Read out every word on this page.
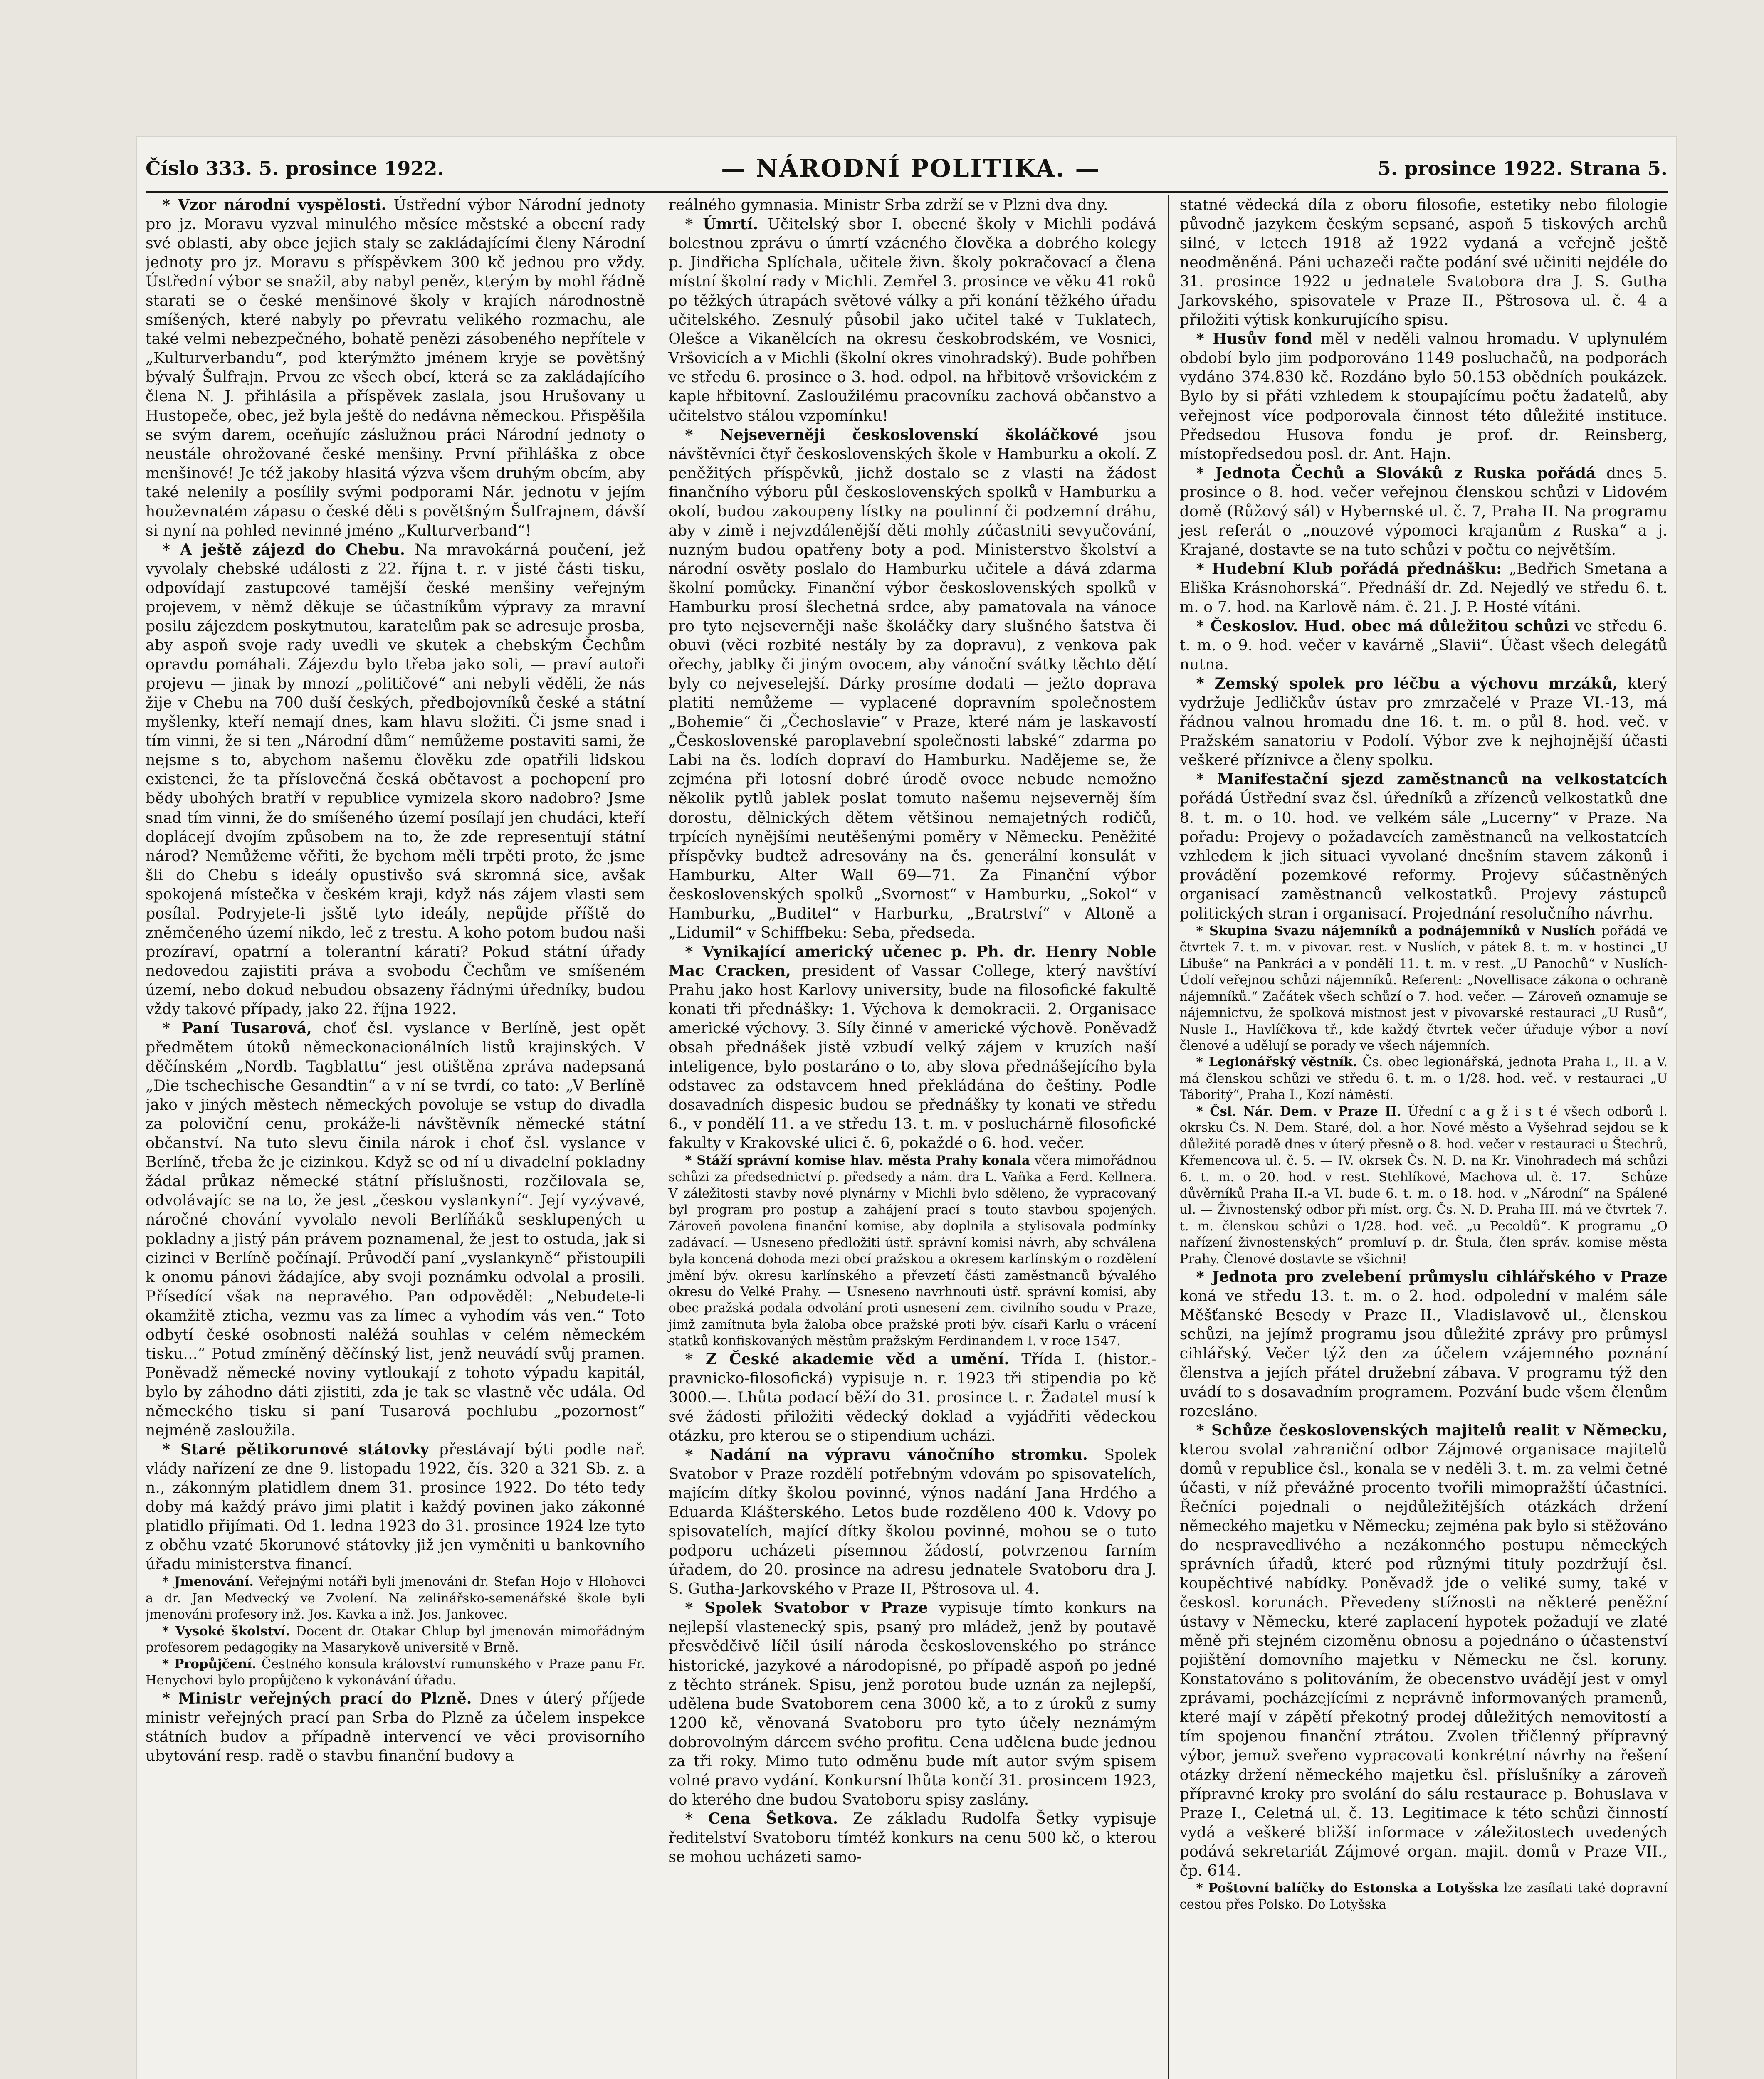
Číslo 333. 5. prosince 1922.	— NÁRODNÍ POLITIKA. —	5. prosince 1922. Strana 5.

* Vzor národní vyspělosti. Ústřední výbor Národní jednoty pro jz. Moravu vyzval minulého měsíce městské a obecní rady své oblasti, aby obce jejich staly se zakládajícími členy Národní jednoty pro jz. Moravu s příspěvkem 300 kč jednou pro vždy. Ústřední výbor se snažil, aby nabyl peněz, kterým by mohl řádně starati se o české menšinové školy v krajích národnostně smíšených, které nabyly po převratu velikého rozmachu, ale také velmi nebezpečného, bohatě penězi zásobeného nepřítele v „Kulturverbandu“, pod kterýmžto jménem kryje se povětšný bývalý Šulfrajn. Prvou ze všech obcí, která se za zakládajícího člena N. J. přihlásila a příspěvek zaslala, jsou Hrušovany u Hustopeče, obec, jež byla ještě do nedávna německou. Přispěšila se svým darem, oceňujíc záslužnou práci Národní jednoty o neustále ohrožované české menšiny. První přihláška z obce menšinové! Je též jakoby hlasitá výzva všem druhým obcím, aby také nelenily a posílily svými podporami Nár. jednotu v jejím houževnatém zápasu o české děti s povětšným Šulfrajnem, dávší si nyní na pohled nevinné jméno „Kulturverband“!

* A ještě zájezd do Chebu. Na mravokárná poučení, jež vyvolaly chebské události z 22. října t. r. v jisté části tisku, odpovídají zastupcové tamější české menšiny veřejným projevem, v němž děkuje se účastníkům výpravy za mravní posilu zájezdem poskytnutou, karatelům pak se adresuje prosba, aby aspoň svoje rady uvedli ve skutek a chebským Čechům opravdu pomáhali. Zájezdu bylo třeba jako soli, — praví autoři projevu — jinak by mnozí „političové“ ani nebyli věděli, že nás žije v Chebu na 700 duší českých, předbojovníků české a státní myšlenky, kteří nemají dnes, kam hlavu složiti. Či jsme snad i tím vinni, že si ten „Národní dům“ nemůžeme postaviti sami, že nejsme s to, abychom našemu člověku zde opatřili lidskou existenci, že ta příslovečná česká obětavost a pochopení pro bědy ubohých bratří v republice vymizela skoro nadobro? Jsme snad tím vinni, že do smíšeného území posílají jen chudáci, kteří doplácejí dvojím způsobem na to, že zde representují státní národ? Nemůžeme věřiti, že bychom měli trpěti proto, že jsme šli do Chebu s ideály opustivšo svá skromná sice, avšak spokojená místečka v českém kraji, když nás zájem vlasti sem posílal. Podryjete-li jsště tyto ideály, nepůjde příště do zněmčeného území nikdo, leč z trestu. A koho potom budou naši prozíraví, opatrní a tolerantní kárati? Pokud státní úřady nedovedou zajistiti práva a svobodu Čechům ve smíšeném území, nebo dokud nebudou obsazeny řádnými úředníky, budou vždy takové případy, jako 22. října 1922.

* Paní Tusarová, choť čsl. vyslance v Berlíně, jest opět předmětem útoků německonacionálních listů krajinských. V děčínském „Nordb. Tagblattu“ jest otištěna zpráva nadepsaná „Die tschechische Gesandtin“ a v ní se tvrdí, co tato: „V Berlíně jako v jiných městech německých povoluje se vstup do divadla za poloviční cenu, prokáže-li návštěvník německé státní občanství. Na tuto slevu činila nárok i choť čsl. vyslance v Berlíně, třeba že je cizinkou. Když se od ní u divadelní pokladny žádal průkaz německé státní příslušnosti, rozčilovala se, odvolávajíc se na to, že jest „českou vyslankyní“. Její vyzývavé, náročné chování vyvolalo nevoli Berlíňáků sesklupených u pokladny a jistý pán právem poznamenal, že jest to ostuda, jak si cizinci v Berlíně počínají. Průvodčí paní „vyslankyně“ přistoupili k onomu pánovi žádajíce, aby svoji poznámku odvolal a prosili. Přísedící však na nepravého. Pan odpověděl: „Nebudete-li okamžitě zticha, vezmu vas za límec a vyhodím vás ven.“ Toto odbytí české osobnosti naléžá souhlas v celém německém tisku...“ Potud zmíněný děčínský list, jenž neuvádí svůj pramen. Poněvadž německé noviny vytloukají z tohoto výpadu kapitál, bylo by záhodno dáti zjistiti, zda je tak se vlastně věc udála. Od německého tisku si paní Tusarová pochlubu „pozornost“ nejméně zasloužila.

* Staré pětikorunové státovky přestávají býti podle nař. vlády nařízení ze dne 9. listopadu 1922, čís. 320 a 321 Sb. z. a n., zákonným platidlem dnem 31. prosince 1922. Do této tedy doby má každý právo jimi platit i každý povinen jako zákonné platidlo přijímati. Od 1. ledna 1923 do 31. prosince 1924 lze tyto z oběhu vzaté 5korunové státovky již jen vyměniti u bankovního úřadu ministerstva financí.

* Jmenování. Veřejnými notáři byli jmenováni dr. Stefan Hojo v Hlohovci a dr. Jan Medvecký ve Zvolení. Na zelinářsko-semenářské škole byli jmenováni profesory inž. Jos. Kavka a inž. Jos. Jankovec.

* Vysoké školství. Docent dr. Otakar Chlup byl jmenován mimořádným profesorem pedagogiky na Masarykově universitě v Brně.

* Propůjčení. Čestného konsula království rumunského v Praze panu Fr. Henychovi bylo propůjčeno k vykonávání úřadu.

* Ministr veřejných prací do Plzně. Dnes v úterý příjede ministr veřejných prací pan Srba do Plzně za účelem inspekce státních budov a případně intervencí ve věci provisorního ubytování resp. radě o stavbu finanční budovy a

reálného gymnasia. Ministr Srba zdrží se v Plzni dva dny.

* Úmrtí. Učitelský sbor I. obecné školy v Michli podává bolestnou zprávu o úmrtí vzácného člověka a dobrého kolegy p. Jindřicha Splíchala, učitele živn. školy pokračovací a člena místní školní rady v Michli. Zemřel 3. prosince ve věku 41 roků po těžkých útrapách světové války a při konání těžkého úřadu učitelského. Zesnulý působil jako učitel také v Tuklatech, Olešce a Vikanělcích na okresu českobrodském, ve Vosnici, Vršovicích a v Michli (školní okres vinohradský). Bude pohřben ve středu 6. prosince o 3. hod. odpol. na hřbitově vršovickém z kaple hřbitovní. Zasloužilému pracovníku zachová občanstvo a učitelstvo stálou vzpomínku!

* Nejseverněji československí školáčkové jsou návštěvníci čtyř československých škole v Hamburku a okolí. Z peněžitých příspěvků, jichž dostalo se z vlasti na žádost finančního výboru půl československých spolků v Hamburku a okolí, budou zakoupeny lístky na poulinní či podzemní dráhu, aby v zimě i nejvzdálenější děti mohly zúčastniti sevyučování, nuzným budou opatřeny boty a pod. Ministerstvo školství a národní osvěty poslalo do Hamburku učitele a dává zdarma školní pomůcky. Finanční výbor československých spolků v Hamburku prosí šlechetná srdce, aby pamatovala na vánoce pro tyto nejseverněji naše školáčky dary slušného šatstva či obuvi (věci rozbité nestály by za dopravu), z venkova pak ořechy, jablky či jiným ovocem, aby vánoční svátky těchto dětí byly co nejveselejší. Dárky prosíme dodati — ježto doprava platiti nemůžeme — vyplacené dopravním společnostem „Bohemie“ či „Čechoslavie“ v Praze, které nám je laskavostí „Československé paroplavební společnosti labské“ zdarma po Labi na čs. lodích dopraví do Hamburku. Nadějeme se, že zejména při lotosní dobré úrodě ovoce nebude nemožno několik pytlů jablek poslat tomuto našemu nejseverněj ším dorostu, dělnických dětem většinou nemajetných rodičů, trpících nynějšími neutěšenými poměry v Německu. Peněžité příspěvky budtež adresovány na čs. generální konsulát v Hamburku, Alter Wall 69—71. Za Finanční výbor československých spolků „Svornost“ v Hamburku, „Sokol“ v Hamburku, „Buditel“ v Harburku, „Bratrství“ v Altoně a „Lidumil“ v Schiffbeku: Seba, předseda.

* Vynikající americký učenec p. Ph. dr. Henry Noble Mac Cracken, president of Vassar College, který navštíví Prahu jako host Karlovy university, bude na filosofické fakultě konati tři přednášky: 1. Výchova k demokracii. 2. Organisace americké výchovy. 3. Síly činné v americké výchově. Poněvadž obsah přednášek jistě vzbudí velký zájem v kruzích naší inteligence, bylo postaráno o to, aby slova přednášejícího byla odstavec za odstavcem hned překládána do češtiny. Podle dosavadních dispesic budou se přednášky ty konati ve středu 6., v pondělí 11. a ve středu 13. t. m. v posluchárně filosofické fakulty v Krakovské ulici č. 6, pokaždé o 6. hod. večer.

* Stáží správní komise hlav. města Prahy konala včera mimořádnou schůzi za předsednictví p. předsedy a nám. dra L. Vaňka a Ferd. Kellnera. V záležitosti stavby nové plynárny v Michli bylo sděleno, že vypracovaný byl program pro postup a zahájení prací s touto stavbou spojených. Zároveň povolena finanční komise, aby doplnila a stylisovala podmínky zadávací. — Usneseno předložiti ústř. správní komisi návrh, aby schválena byla koncená dohoda mezi obcí pražskou a okresem karlínským o rozdělení jmění býv. okresu karlínského a převzetí části zaměstnanců bývalého okresu do Velké Prahy. — Usneseno navrhnouti ústř. správní komisi, aby obec pražská podala odvolání proti usnesení zem. civilního soudu v Praze, jimž zamítnuta byla žaloba obce pražské proti býv. císaři Karlu o vrácení statků konfiskovaných městům pražským Ferdinandem I. v roce 1547.

* Z České akademie věd a umění. Třída I. (histor.-pravnicko-filosofická) vypisuje n. r. 1923 tři stipendia po kč 3000.—. Lhůta podací běží do 31. prosince t. r. Žadatel musí k své žádosti přiložiti vědecký doklad a vyjádřiti vědeckou otázku, pro kterou se o stipendium ucházi.

* Nadání na výpravu vánočního stromku. Spolek Svatobor v Praze rozdělí potřebným vdovám po spisovatelích, majícím dítky školou povinné, výnos nadání Jana Hrdého a Eduarda Klášterského. Letos bude rozděleno 400 k. Vdovy po spisovatelích, mající dítky školou povinné, mohou se o tuto podporu ucházeti písemnou žádostí, potvrzenou farním úřadem, do 20. prosince na adresu jednatele Svatoboru dra J. S. Gutha-Jarkovského v Praze II, Pštrosova ul. 4.

* Spolek Svatobor v Praze vypisuje tímto konkurs na nejlepší vlastenecký spis, psaný pro mládež, jenž by poutavě přesvědčivě líčil úsilí národa československého po stránce historické, jazykové a národopisné, po případě aspoň po jedné z těchto stránek. Spisu, jenž porotou bude uznán za nejlepší, udělena bude Svatoborem cena 3000 kč, a to z úroků z sumy 1200 kč, věnovaná Svatoboru pro tyto účely neznámým dobrovolným dárcem svého profitu. Cena udělena bude jednou za tři roky. Mimo tuto odměnu bude mít autor svým spisem volné pravo vydání. Konkursní lhůta končí 31. prosincem 1923, do kterého dne budou Svatoboru spisy zaslány.

* Cena Šetkova. Ze základu Rudolfa Šetky vypisuje ředitelství Svatoboru tímtéž konkurs na cenu 500 kč, o kterou se mohou ucházeti samo-

statné vědecká díla z oboru filosofie, estetiky nebo filologie původně jazykem českým sepsané, aspoň 5 tiskových archů silné, v letech 1918 až 1922 vydaná a veřejně ještě neodměněná. Páni uchazeči račte podání své učiniti nejdéle do 31. prosince 1922 u jednatele Svatobora dra J. S. Gutha Jarkovského, spisovatele v Praze II., Pštrosova ul. č. 4 a přiložiti výtisk konkurujícího spisu.

* Husův fond měl v neděli valnou hromadu. V uplynulém období bylo jim podporováno 1149 posluchačů, na podporách vydáno 374.830 kč. Rozdáno bylo 50.153 obědních poukázek. Bylo by si přáti vzhledem k stoupajícímu počtu žadatelů, aby veřejnost více podporovala činnost této důležité instituce. Předsedou Husova fondu je prof. dr. Reinsberg, místopředsedou posl. dr. Ant. Hajn.

* Jednota Čechů a Slováků z Ruska pořádá dnes 5. prosince o 8. hod. večer veřejnou členskou schůzi v Lidovém domě (Růžový sál) v Hybernské ul. č. 7, Praha II. Na programu jest referát o „nouzové výpomoci krajanům z Ruska“ a j. Krajané, dostavte se na tuto schůzi v počtu co největším.

* Hudební Klub pořádá přednášku: „Bedřich Smetana a Eliška Krásnohorská“. Přednáší dr. Zd. Nejedlý ve středu 6. t. m. o 7. hod. na Karlově nám. č. 21. J. P. Hosté vítáni.

* Českoslov. Hud. obec má důležitou schůzi ve středu 6. t. m. o 9. hod. večer v kavárně „Slavii“. Účast všech delegátů nutna.

* Zemský spolek pro léčbu a výchovu mrzáků, který vydržuje Jedličkův ústav pro zmrzačelé v Praze VI.-13, má řádnou valnou hromadu dne 16. t. m. o půl 8. hod. več. v Pražském sanatoriu v Podolí. Výbor zve k nejhojnější účasti veškeré příznivce a členy spolku.

* Manifestační sjezd zaměstnanců na velkostatcích pořádá Ústřední svaz čsl. úředníků a zřízenců velkostatků dne 8. t. m. o 10. hod. ve velkém sále „Lucerny“ v Praze. Na pořadu: Projevy o požadavcích zaměstnanců na velkostatcích vzhledem k jich situaci vyvolané dnešním stavem zákonů i provádění pozemkové reformy. Projevy súčastněných organisací zaměstnanců velkostatků. Projevy zástupců politických stran i organisací. Projednání resolučního návrhu.

* Skupina Svazu nájemníků a podnájemníků v Nuslích pořádá ve čtvrtek 7. t. m. v pivovar. rest. v Nuslích, v pátek 8. t. m. v hostinci „U Libuše“ na Pankráci a v pondělí 11. t. m. v rest. „U Panochů“ v Nuslích-Údolí veřejnou schůzi nájemníků. Referent: „Novellisace zákona o ochraně nájemníků.“ Začátek všech schůzí o 7. hod. večer. — Zároveň oznamuje se nájemnictvu, že spolková místnost jest v pivovarské restauraci „U Rusů“, Nusle I., Havlíčkova tř., kde každý čtvrtek večer úřaduje výbor a noví členové a udělují se porady ve všech nájemních.

* Legionářský věstník. Čs. obec legionářská, jednota Praha I., II. a V. má členskou schůzi ve středu 6. t. m. o 1/28. hod. več. v restauraci „U Táboritý“, Praha I., Kozí náměstí.

* Čsl. Nár. Dem. v Praze II. Úřední c a g ž i s t é všech odborů l. okrsku Čs. N. Dem. Staré, dol. a hor. Nové město a Vyšehrad sejdou se k důležité poradě dnes v úterý přesně o 8. hod. večer v restauraci u Štechrů, Křemencova ul. č. 5. — IV. okrsek Čs. N. D. na Kr. Vinohradech má schůzi 6. t. m. o 20. hod. v rest. Stehlíkové, Machova ul. č. 17. — Schůze důvěrníků Praha II.-a VI. bude 6. t. m. o 18. hod. v „Národní“ na Spálené ul. — Živnostenský odbor při míst. org. Čs. N. D. Praha III. má ve čtvrtek 7. t. m. členskou schůzi o 1/28. hod. več. „u Pecoldů“. K programu „O nařízení živnostenských“ promluví p. dr. Štula, člen správ. komise města Prahy. Členové dostavte se všichni!

* Jednota pro zvelebení průmyslu cihlářského v Praze koná ve středu 13. t. m. o 2. hod. odpolední v malém sále Měšťanské Besedy v Praze II., Vladislavově ul., členskou schůzi, na jejímž programu jsou důležité zprávy pro průmysl cihlářský. Večer týž den za účelem vzájemného poznání členstva a jejích přátel družební zábava. V programu týž den uvádí to s dosavadním programem. Pozvání bude všem členům rozesláno.

* Schůze československých majitelů realit v Německu, kterou svolal zahraniční odbor Zájmové organisace majitelů domů v republice čsl., konala se v neděli 3. t. m. za velmi četné účasti, v níž převážné procento tvořili mimopražští účastníci. Řečníci pojednali o nejdůležitějších otázkách držení německého majetku v Německu; zejména pak bylo si stěžováno do nespravedlivého a nezákonného postupu německých správních úřadů, které pod různými tituly pozdržují čsl. koupěchtivé nabídky. Poněvadž jde o veliké sumy, také v českosl. korunách. Převedeny stížnosti na některé peněžní ústavy v Německu, které zaplacení hypotek požadují ve zlaté měně při stejném cizoměnu obnosu a pojednáno o účastenství pojištění domovního majetku v Německu ne čsl. koruny. Konstatováno s politováním, že obecenstvo uvádějí jest v omyl zprávami, pocházejícími z neprávně informovaných pramenů, které mají v zápětí překotný prodej důležitých nemovitostí a tím spojenou finanční ztrátou. Zvolen třičlenný přípravný výbor, jemuž sveřeno vypracovati konkrétní návrhy na řešení otázky držení německého majetku čsl. příslušníky a zároveň přípravné kroky pro svolání do sálu restaurace p. Bohuslava v Praze I., Celetná ul. č. 13. Legitimace k této schůzi činností vydá a veškeré bližší informace v záležitostech uvedených podává sekretariát Zájmové organ. majit. domů v Praze VII., čp. 614.

* Poštovní balíčky do Estonska a Lotyšska lze zasílati také dopravní cestou přes Polsko. Do Lotyšska
